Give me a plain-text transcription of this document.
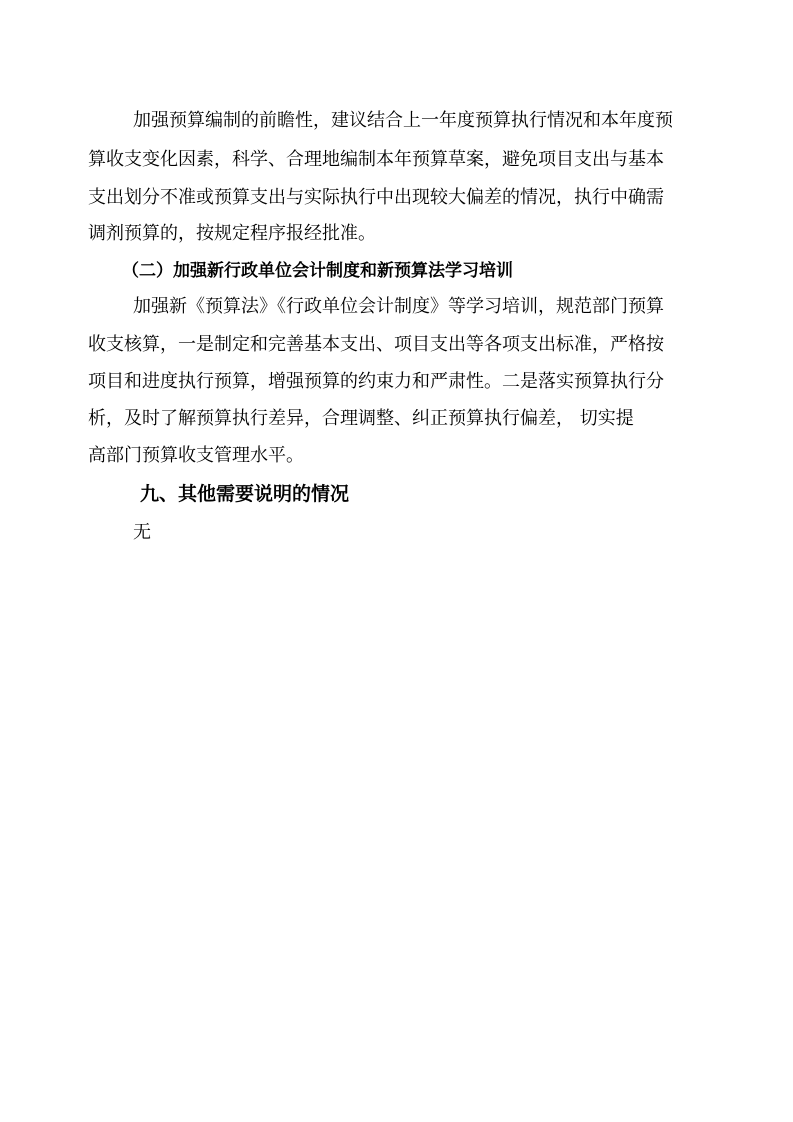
加强预算编制的前瞻性，建议结合上一年度预算执行情况和本年度预
算收支变化因素，科学、合理地编制本年预算草案，避免项目支出与基本
支出划分不准或预算支出与实际执行中出现较大偏差的情况，执行中确需
调剂预算的，按规定程序报经批准。
（二）加强新行政单位会计制度和新预算法学习培训
加强新《预算法》《行政单位会计制度》等学习培训，规范部门预算
收支核算，一是制定和完善基本支出、项目支出等各项支出标准，严格按
项目和进度执行预算，增强预算的约束力和严肃性。二是落实预算执行分
析，及时了解预算执行差异，合理调整、纠正预算执行偏差， 切实提
高部门预算收支管理水平。
九、其他需要说明的情况
无
